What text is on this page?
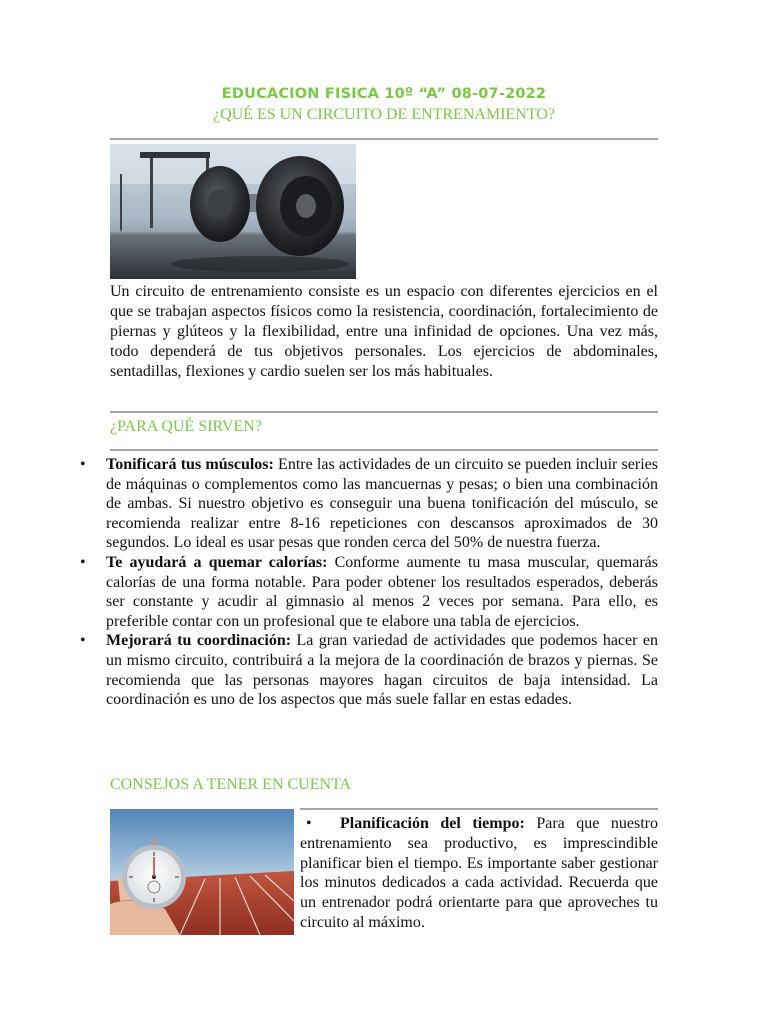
EDUCACION FISICA 10º “A” 08-07-2022
¿QUÉ ES UN CIRCUITO DE ENTRENAMIENTO?
Un circuito de entrenamiento consiste es un espacio con diferentes ejercicios en el que se trabajan aspectos físicos como la resistencia, coordinación, fortalecimiento de piernas y glúteos y la flexibilidad, entre una infinidad de opciones. Una vez más, todo dependerá de tus objetivos personales. Los ejercicios de abdominales, sentadillas, flexiones y cardio suelen ser los más habituales.
¿PARA QUÉ SIRVEN?
• Tonificará tus músculos: Entre las actividades de un circuito se pueden incluir series de máquinas o complementos como las mancuernas y pesas; o bien una combinación de ambas. Si nuestro objetivo es conseguir una buena tonificación del músculo, se recomienda realizar entre 8-16 repeticiones con descansos aproximados de 30 segundos. Lo ideal es usar pesas que ronden cerca del 50% de nuestra fuerza.
• Te ayudará a quemar calorías: Conforme aumente tu masa muscular, quemarás calorías de una forma notable. Para poder obtener los resultados esperados, deberás ser constante y acudir al gimnasio al menos 2 veces por semana. Para ello, es preferible contar con un profesional que te elabore una tabla de ejercicios.
• Mejorará tu coordinación: La gran variedad de actividades que podemos hacer en un mismo circuito, contribuirá a la mejora de la coordinación de brazos y piernas. Se recomienda que las personas mayores hagan circuitos de baja intensidad. La coordinación es uno de los aspectos que más suele fallar en estas edades.
CONSEJOS A TENER EN CUENTA
• Planificación del tiempo: Para que nuestro entrenamiento sea productivo, es imprescindible planificar bien el tiempo. Es importante saber gestionar los minutos dedicados a cada actividad. Recuerda que un entrenador podrá orientarte para que aproveches tu circuito al máximo.
